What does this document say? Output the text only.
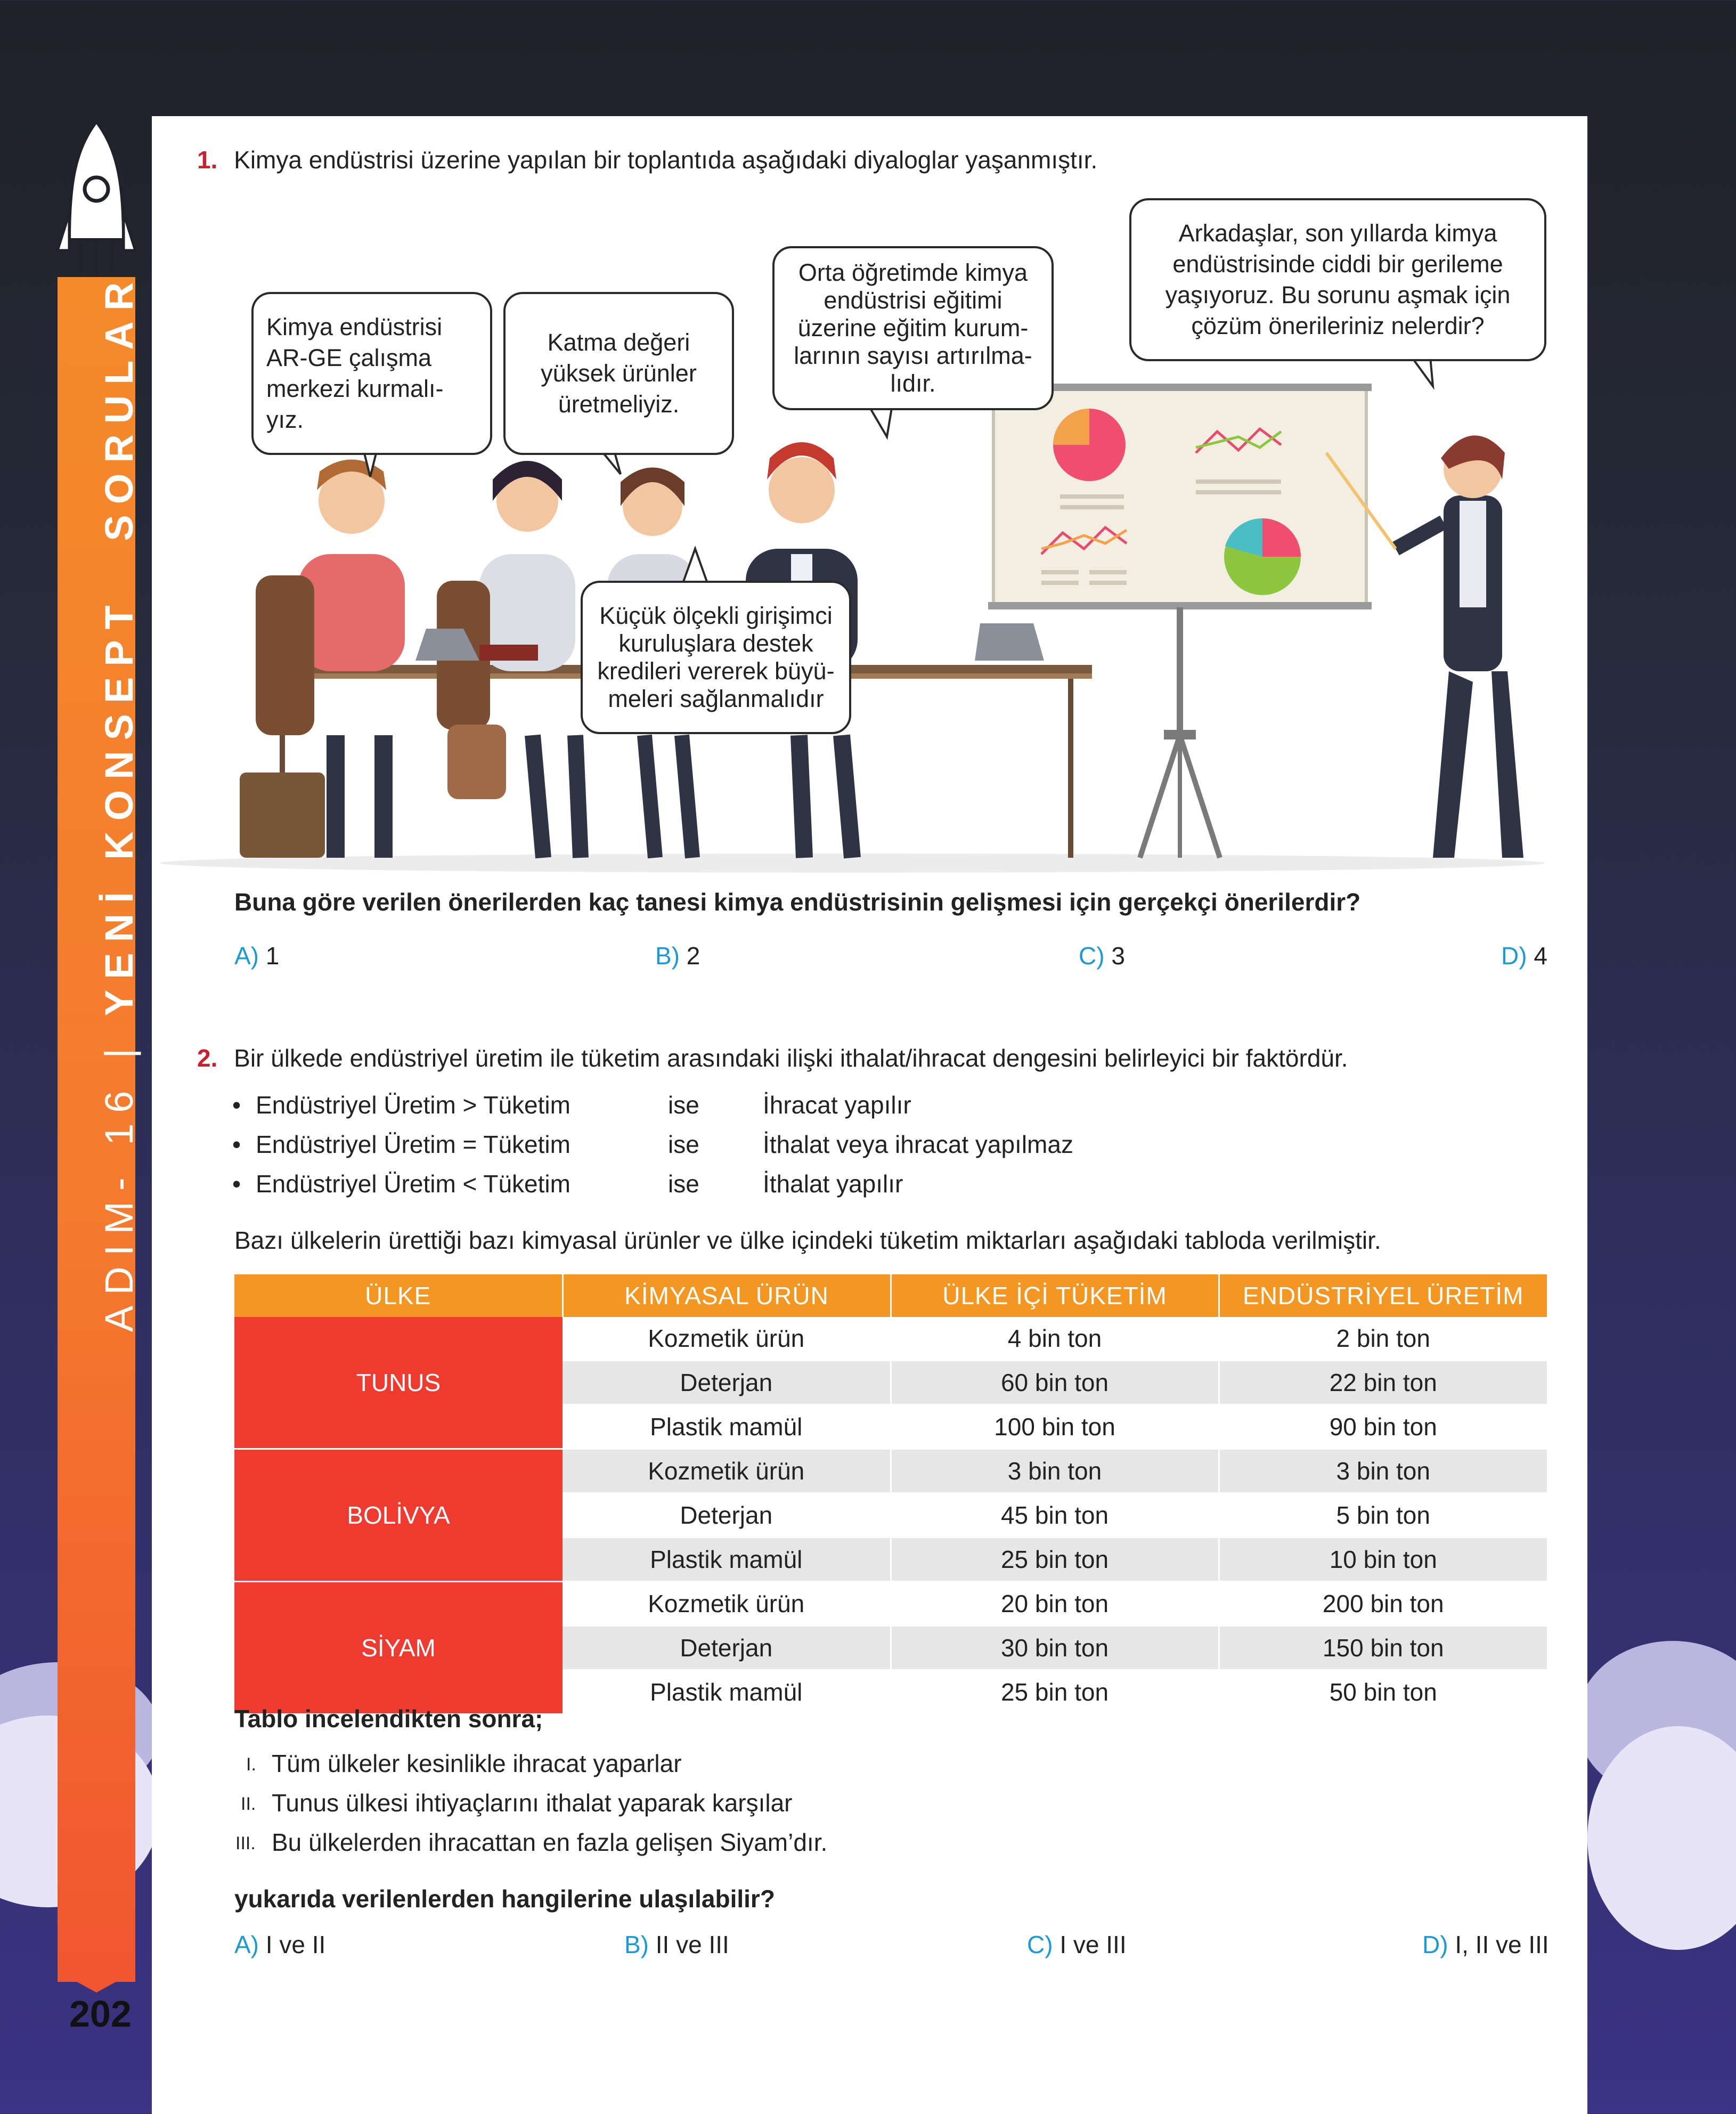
ADIM- 16 | YENİ KONSEPT SORULAR
202
1. Kimya endüstrisi üzerine yapılan bir toplantıda aşağıdaki diyaloglar yaşanmıştır.
Kimya endüstrisi
AR-GE çalışma
merkezi kurmalı-
yız.
Katma değeri
yüksek ürünler
üretmeliyiz.
Orta öğretimde kimya
endüstrisi eğitimi
üzerine eğitim kurum-
larının sayısı artırılma-
lıdır.
Arkadaşlar, son yıllarda kimya
endüstrisinde ciddi bir gerileme
yaşıyoruz. Bu sorunu aşmak için
çözüm önerileriniz nelerdir?
Küçük ölçekli girişimci
kuruluşlara destek
kredileri vererek büyü-
meleri sağlanmalıdır
Buna göre verilen önerilerden kaç tanesi kimya endüstrisinin gelişmesi için gerçekçi önerilerdir?
A) 1	B) 2	C) 3	D) 4
2. Bir ülkede endüstriyel üretim ile tüketim arasındaki ilişki ithalat/ihracat dengesini belirleyici bir faktördür.
• Endüstriyel Üretim > Tüketim	ise	İhracat yapılır
• Endüstriyel Üretim = Tüketim	ise	İthalat veya ihracat yapılmaz
• Endüstriyel Üretim < Tüketim	ise	İthalat yapılır
Bazı ülkelerin ürettiği bazı kimyasal ürünler ve ülke içindeki tüketim miktarları aşağıdaki tabloda verilmiştir.
ÜLKE	KİMYASAL ÜRÜN	ÜLKE İÇİ TÜKETİM	ENDÜSTRİYEL ÜRETİM
TUNUS	Kozmetik ürün	4 bin ton	2 bin ton
	Deterjan	60 bin ton	22 bin ton
	Plastik mamül	100 bin ton	90 bin ton
BOLİVYA	Kozmetik ürün	3 bin ton	3 bin ton
	Deterjan	45 bin ton	5 bin ton
	Plastik mamül	25 bin ton	10 bin ton
SİYAM	Kozmetik ürün	20 bin ton	200 bin ton
	Deterjan	30 bin ton	150 bin ton
	Plastik mamül	25 bin ton	50 bin ton
Tablo incelendikten sonra;
I. Tüm ülkeler kesinlikle ihracat yaparlar
II. Tunus ülkesi ihtiyaçlarını ithalat yaparak karşılar
III. Bu ülkelerden ihracattan en fazla gelişen Siyam’dır.
yukarıda verilenlerden hangilerine ulaşılabilir?
A) I ve II	B) II ve III	C) I ve III	D) I, II ve III
